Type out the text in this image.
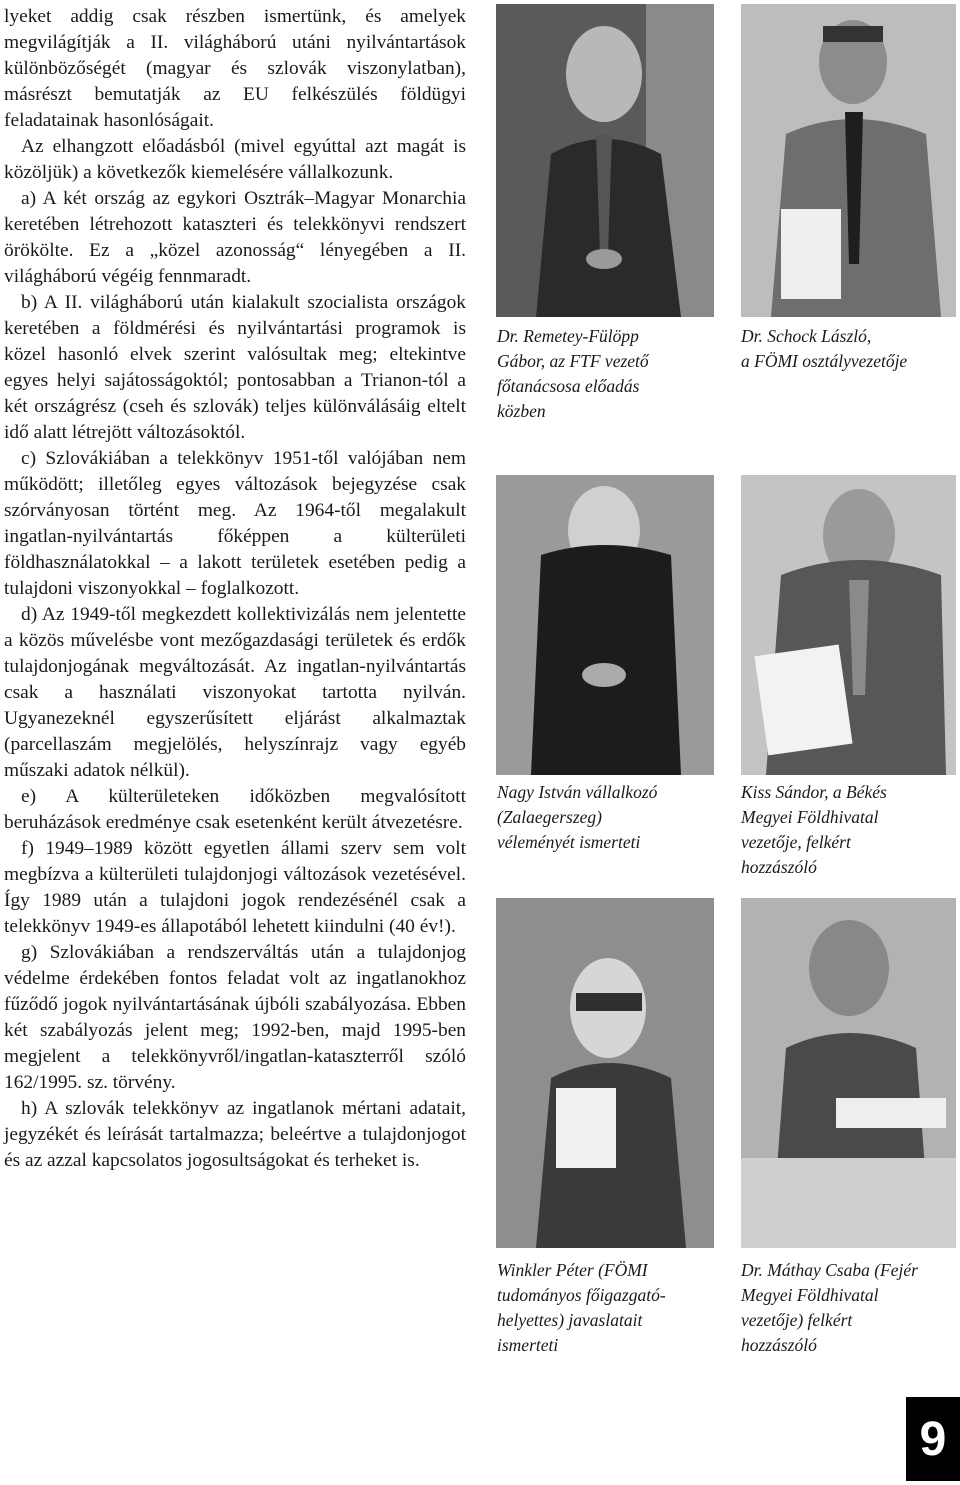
lyeket addig csak részben ismertünk, és amelyek megvilágítják a II. világháború utáni nyilvántartások különbözőségét (magyar és szlovák viszonylatban), másrészt bemutatják az EU felkészülés földügyi feladatainak hasonlóságait.

Az elhangzott előadásból (mivel egyúttal azt magát is közöljük) a következők kiemelésére vállalkozunk.

a) A két ország az egykori Osztrák–Magyar Monarchia keretében létrehozott kataszteri és telekkönyvi rendszert örökölte. Ez a „közel azonosság“ lényegében a II. világháború végéig fennmaradt.

b) A II. világháború után kialakult szocialista országok keretében a földmérési és nyilvántartási programok is közel hasonló elvek szerint valósultak meg; eltekintve egyes helyi sajátosságoktól; pontosabban a Trianon-tól a két országrész (cseh és szlovák) teljes különválásáig eltelt idő alatt létrejött változásoktól.

c) Szlovákiában a telekkönyv 1951-től valójában nem működött; illetőleg egyes változások bejegyzése csak szórványosan történt meg. Az 1964-től megalakult ingatlan-nyilvántartás főképpen a külterületi földhasználatokkal – a lakott területek esetében pedig a tulajdoni viszonyokkal – foglalkozott.

d) Az 1949-től megkezdett kollektivizálás nem jelentette a közös művelésbe vont mezőgazdasági területek és erdők tulajdonjogának megváltozását. Az ingatlan-nyilvántartás csak a használati viszonyokat tartotta nyilván. Ugyanezeknél egyszerűsített eljárást alkalmaztak (parcellaszám megjelölés, helyszínrajz vagy egyéb műszaki adatok nélkül).

e) A külterületeken időközben megvalósított beruházások eredménye csak esetenként került átvezetésre.

f) 1949–1989 között egyetlen állami szerv sem volt megbízva a külterületi tulajdonjogi változások vezetésével. Így 1989 után a tulajdoni jogok rendezésénél csak a telekkönyv 1949-es állapotából lehetett kiindulni (40 év!).

g) Szlovákiában a rendszerváltás után a tulajdonjog védelme érdekében fontos feladat volt az ingatlanokhoz fűződő jogok nyilvántartásának újbóli szabályozása. Ebben két szabályozás jelent meg; 1992-ben, majd 1995-ben megjelent a telekkönyvről/ingatlan-kataszterről szóló 162/1995. sz. törvény.

h) A szlovák telekkönyv az ingatlanok mértani adatait, jegyzékét és leírását tartalmazza; beleértve a tulajdonjogot és az azzal kapcsolatos jogosultságokat és terheket is.

Dr. Remetey-Fülöpp
Gábor, az FTF vezető
főtanácsosa előadás
közben
Dr. Schock László,
a FÖMI osztályvezetője
Nagy István vállalkozó
(Zalaegerszeg)
véleményét ismerteti
Kiss Sándor, a Békés
Megyei Földhivatal
vezetője, felkért
hozzászóló
Winkler Péter (FÖMI
tudományos főigazgató-
helyettes) javaslatait
ismerteti
Dr. Máthay Csaba (Fejér
Megyei Földhivatal
vezetője) felkért
hozzászóló
9
